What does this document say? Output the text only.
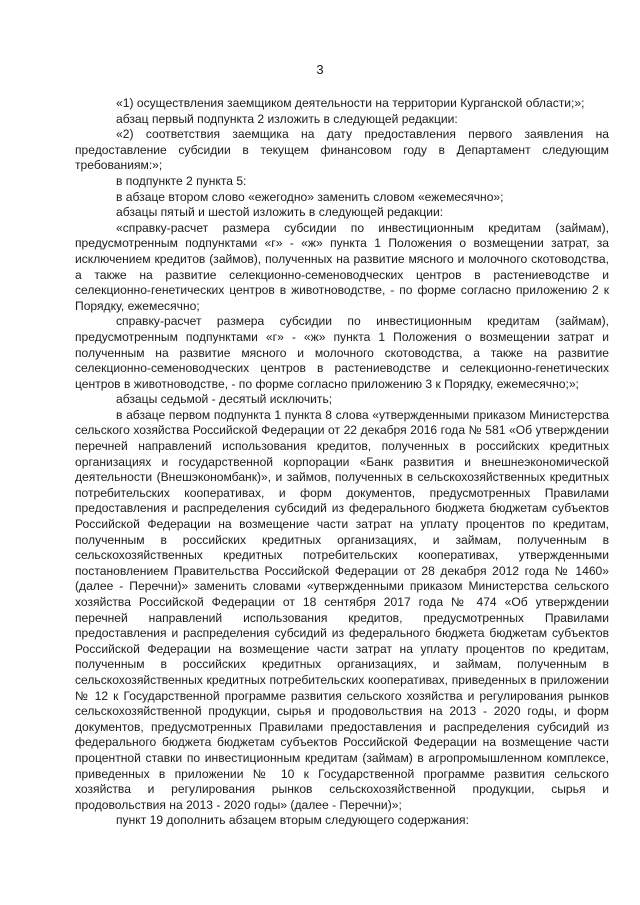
3

«1) осуществления заемщиком деятельности на территории Курганской области;»;

абзац первый подпункта 2 изложить в следующей редакции:

«2) соответствия заемщика на дату предоставления первого заявления на предоставление субсидии в текущем финансовом году в Департамент следующим требованиям:»;

в подпункте 2 пункта 5:

в абзаце втором слово «ежегодно» заменить словом «ежемесячно»;

абзацы пятый и шестой изложить в следующей редакции:

«справку-расчет размера субсидии по инвестиционным кредитам (займам), предусмотренным подпунктами «г» - «ж» пункта 1 Положения о возмещении затрат, за исключением кредитов (займов), полученных на развитие мясного и молочного скотоводства, а также на развитие селекционно-семеноводческих центров в растениеводстве и селекционно-генетических центров в животноводстве, - по форме согласно приложению 2 к Порядку, ежемесячно;

справку-расчет размера субсидии по инвестиционным кредитам (займам), предусмотренным подпунктами «г» - «ж» пункта 1 Положения о возмещении затрат и полученным на развитие мясного и молочного скотоводства, а также на развитие селекционно-семеноводческих центров в растениеводстве и селекционно-генетических центров в животноводстве, - по форме согласно приложению 3 к Порядку, ежемесячно;»;

абзацы седьмой - десятый исключить;

в абзаце первом подпункта 1 пункта 8 слова «утвержденными приказом Министерства сельского хозяйства Российской Федерации от 22 декабря 2016 года № 581 «Об утверждении перечней направлений использования кредитов, полученных в российских кредитных организациях и государственной корпорации «Банк развития и внешнеэкономической деятельности (Внешэкономбанк)», и займов, полученных в сельскохозяйственных кредитных потребительских кооперативах, и форм документов, предусмотренных Правилами предоставления и распределения субсидий из федерального бюджета бюджетам субъектов Российской Федерации на возмещение части затрат на уплату процентов по кредитам, полученным в российских кредитных организациях, и займам, полученным в сельскохозяйственных кредитных потребительских кооперативах, утвержденными постановлением Правительства Российской Федерации от 28 декабря 2012 года № 1460» (далее - Перечни)» заменить словами «утвержденными приказом Министерства сельского хозяйства Российской Федерации от 18 сентября 2017 года № 474 «Об утверждении перечней направлений использования кредитов, предусмотренных Правилами предоставления и распределения субсидий из федерального бюджета бюджетам субъектов Российской Федерации на возмещение части затрат на уплату процентов по кредитам, полученным в российских кредитных организациях, и займам, полученным в сельскохозяйственных кредитных потребительских кооперативах, приведенных в приложении № 12 к Государственной программе развития сельского хозяйства и регулирования рынков сельскохозяйственной продукции, сырья и продовольствия на 2013 - 2020 годы, и форм документов, предусмотренных Правилами предоставления и распределения субсидий из федерального бюджета бюджетам субъектов Российской Федерации на возмещение части процентной ставки по инвестиционным кредитам (займам) в агропромышленном комплексе, приведенных в приложении № 10 к Государственной программе развития сельского хозяйства и регулирования рынков сельскохозяйственной продукции, сырья и продовольствия на 2013 - 2020 годы» (далее - Перечни)»;

пункт 19 дополнить абзацем вторым следующего содержания:
